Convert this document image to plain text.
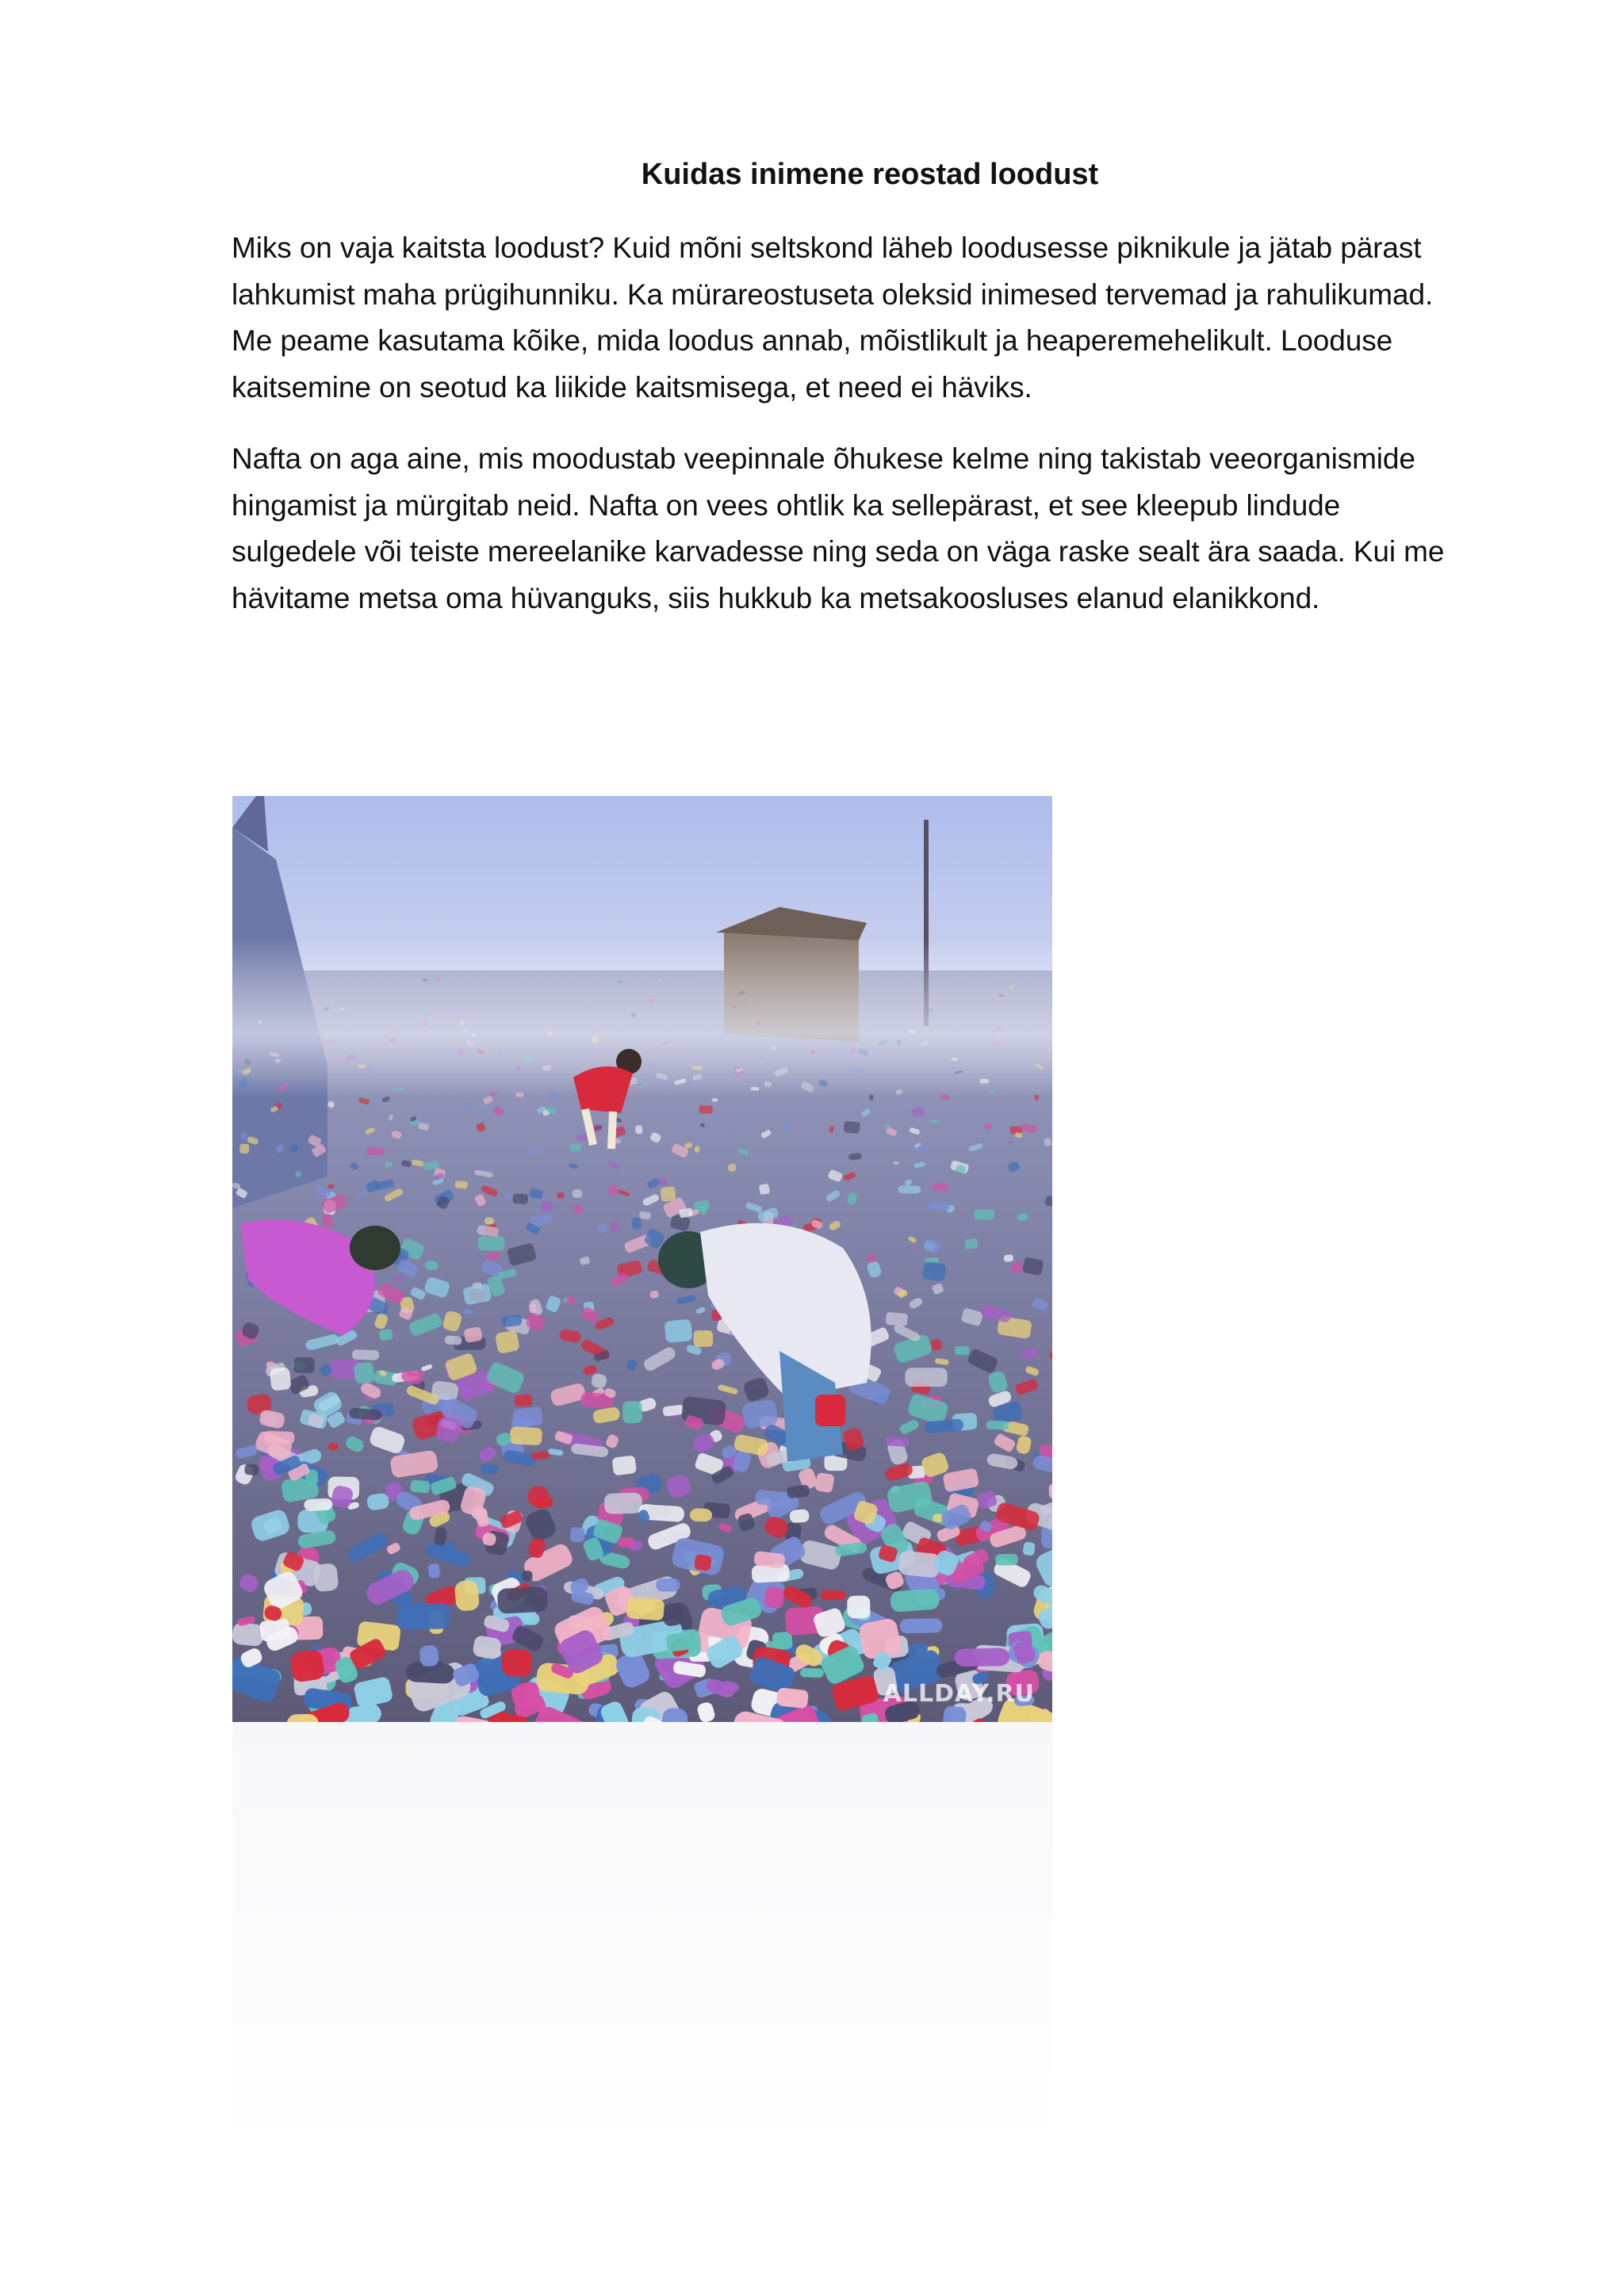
Kuidas inimene reostad loodust

Miks on vaja kaitsta loodust? Kuid mõni seltskond läheb loodusesse piknikule ja jätab pärast
lahkumist maha prügihunniku. Ka mürareostuseta oleksid inimesed tervemad ja rahulikumad.
Me peame kasutama kõike, mida loodus annab, mõistlikult ja heaperemehelikult. Looduse
kaitsemine on seotud ka liikide kaitsmisega, et need ei häviks.

Nafta on aga aine, mis moodustab veepinnale õhukese kelme ning takistab veeorganismide
hingamist ja mürgitab neid. Nafta on vees ohtlik ka sellepärast, et see kleepub lindude
sulgedele või teiste mereelanike karvadesse ning seda on väga raske sealt ära saada. Kui me
hävitame metsa oma hüvanguks, siis hukkub ka metsakoosluses elanud elanikkond.

ALLDAY.RU
